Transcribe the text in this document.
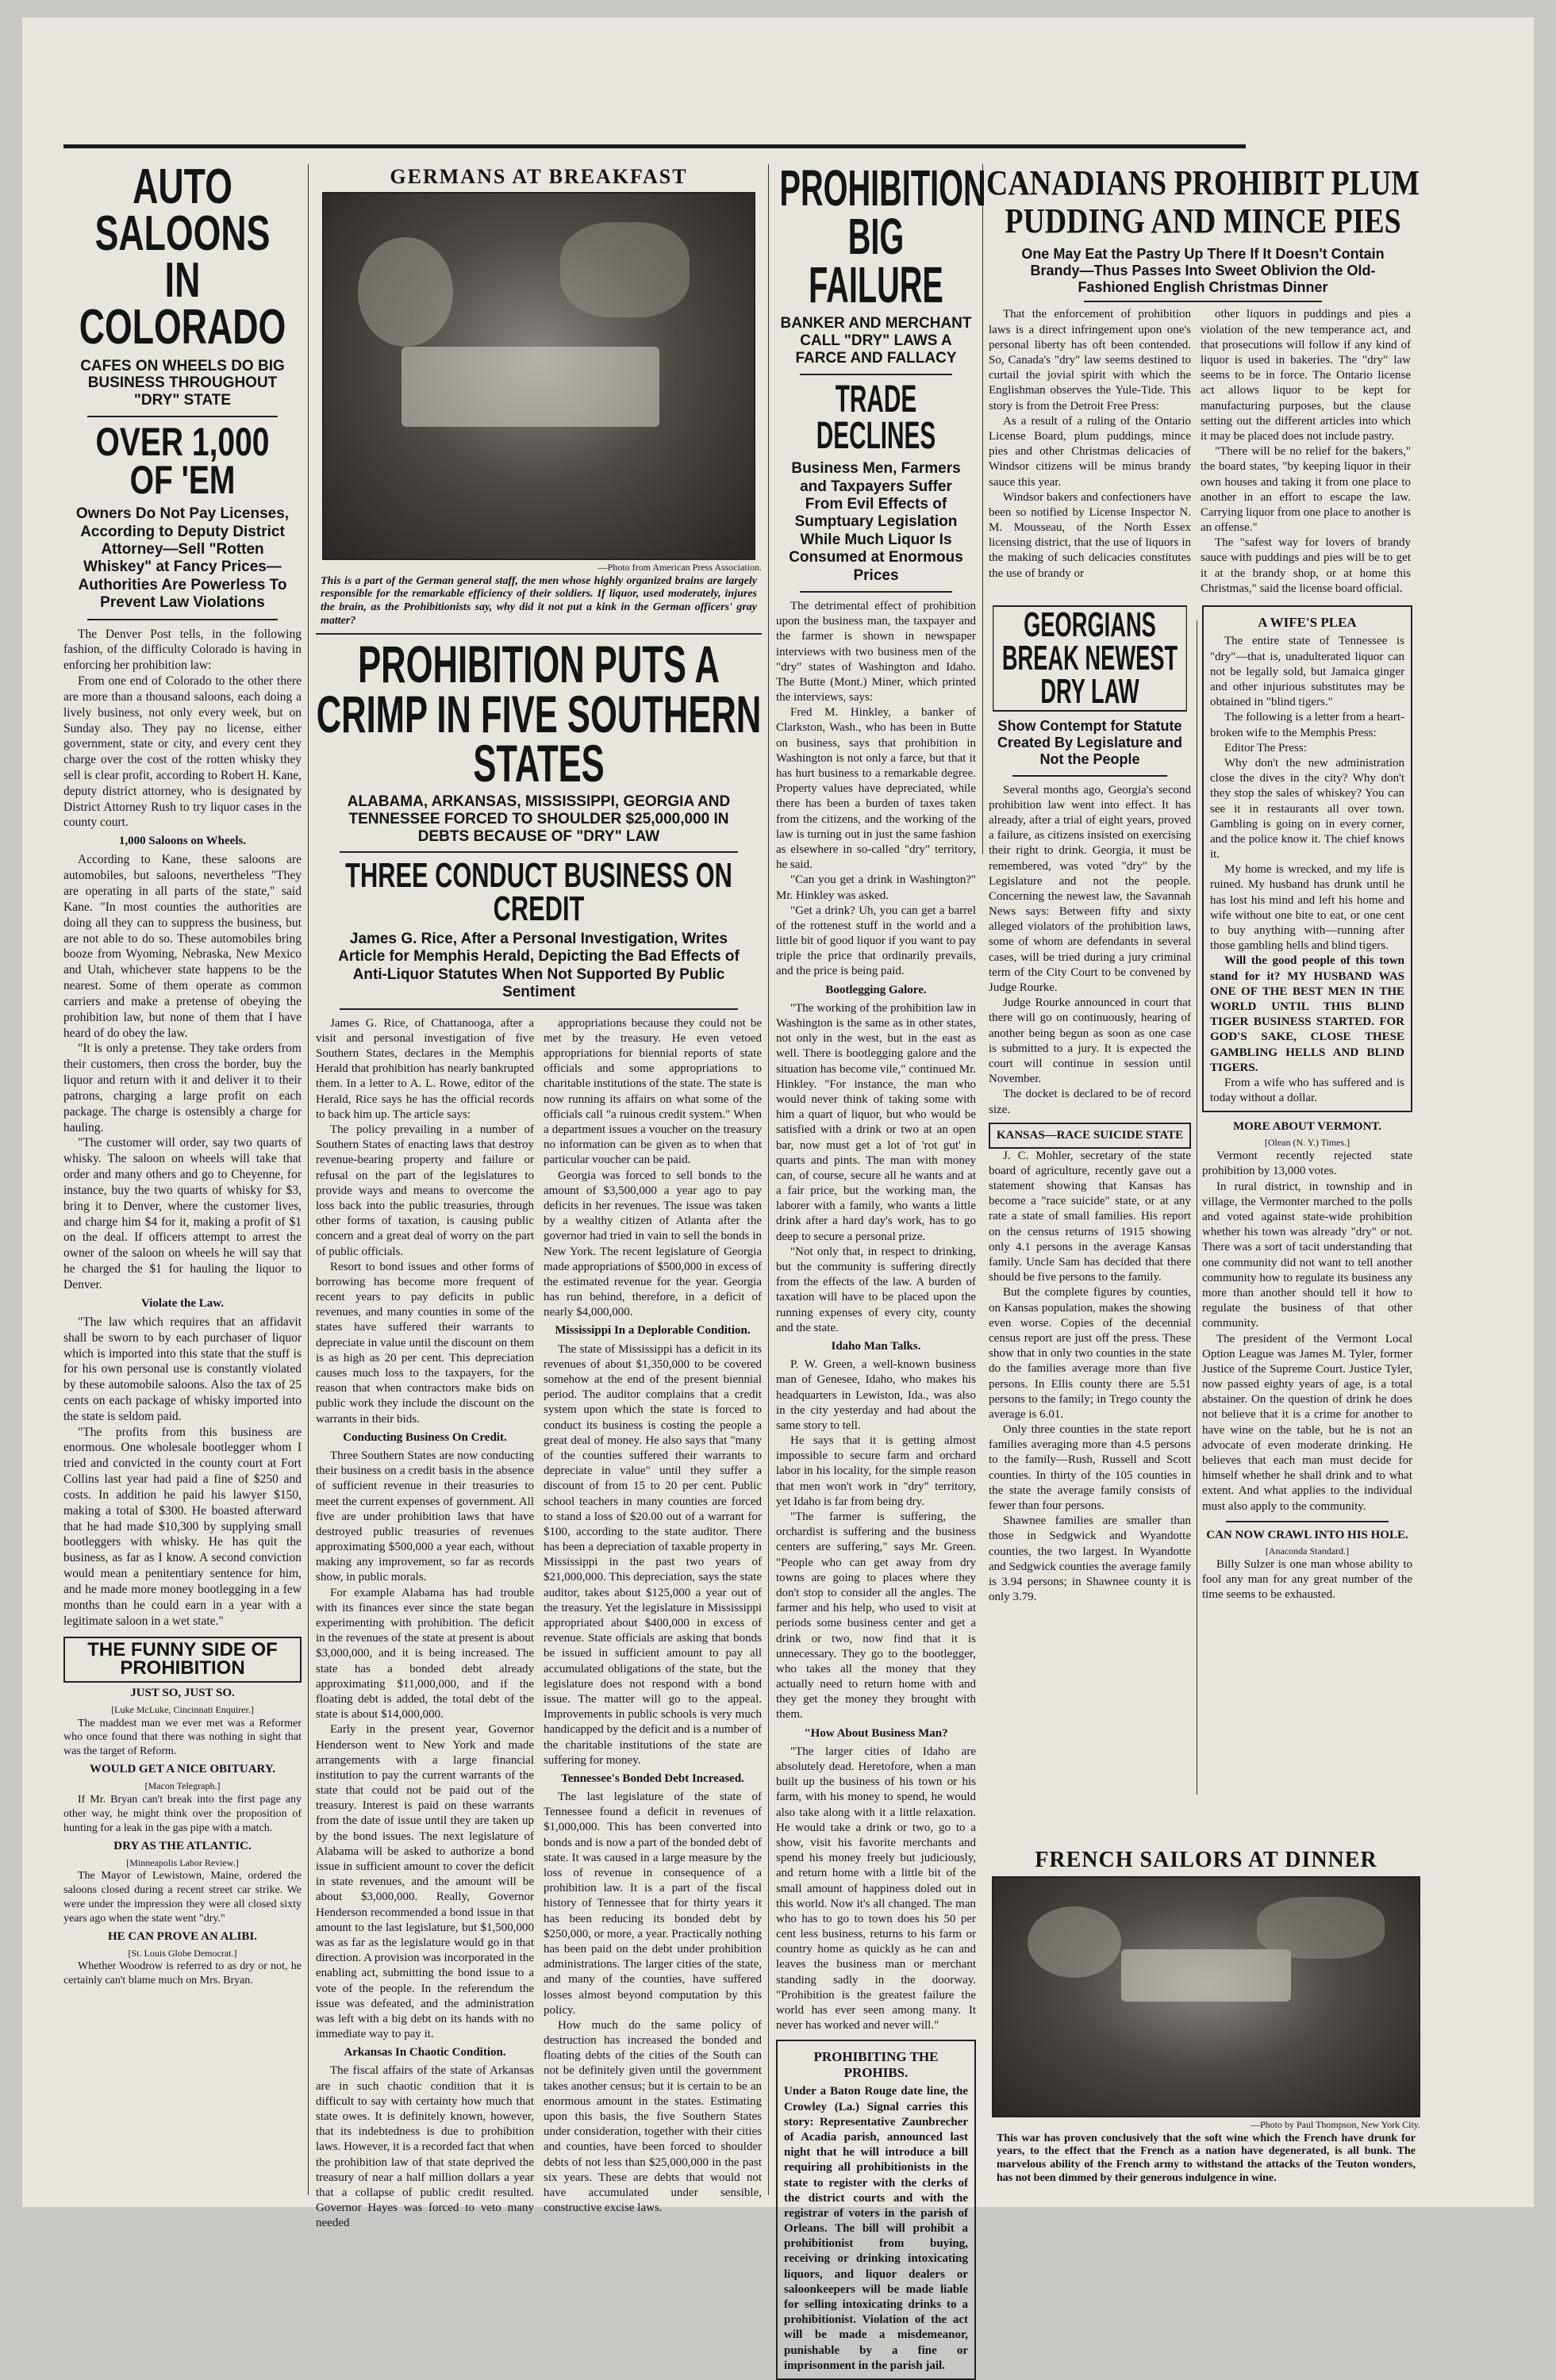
AUTO SALOONS IN COLORADO
CAFES ON WHEELS DO BIG BUSINESS THROUGHOUT "DRY" STATE
OVER 1,000 OF 'EM
Owners Do Not Pay Licenses, According to Deputy District Attorney—Sell "Rotten Whiskey" at Fancy Prices—Authorities Are Powerless To Prevent Law Violations

The Denver Post tells, in the following fashion, of the difficulty Colorado is having in enforcing her prohibition law:

From one end of Colorado to the other there are more than a thousand saloons, each doing a lively business, not only every week, but on Sunday also. They pay no license, either government, state or city, and every cent they charge over the cost of the rotten whisky they sell is clear profit, according to Robert H. Kane, deputy district attorney, who is designated by District Attorney Rush to try liquor cases in the county court.

1,000 Saloons on Wheels.

According to Kane, these saloons are automobiles, but saloons, nevertheless "They are operating in all parts of the state," said Kane. "In most counties the authorities are doing all they can to suppress the business, but are not able to do so. These automobiles bring booze from Wyoming, Nebraska, New Mexico and Utah, whichever state happens to be the nearest. Some of them operate as common carriers and make a pretense of obeying the prohibition law, but none of them that I have heard of do obey the law.

"It is only a pretense. They take orders from their customers, then cross the border, buy the liquor and return with it and deliver it to their patrons, charging a large profit on each package. The charge is ostensibly a charge for hauling.

"The customer will order, say two quarts of whisky. The saloon on wheels will take that order and many others and go to Cheyenne, for instance, buy the two quarts of whisky for $3, bring it to Denver, where the customer lives, and charge him $4 for it, making a profit of $1 on the deal. If officers attempt to arrest the owner of the saloon on wheels he will say that he charged the $1 for hauling the liquor to Denver.

Violate the Law.

"The law which requires that an affidavit shall be sworn to by each purchaser of liquor which is imported into this state that the stuff is for his own personal use is constantly violated by these automobile saloons. Also the tax of 25 cents on each package of whisky imported into the state is seldom paid.

"The profits from this business are enormous. One wholesale bootlegger whom I tried and convicted in the county court at Fort Collins last year had paid a fine of $250 and costs. In addition he paid his lawyer $150, making a total of $300. He boasted afterward that he had made $10,300 by supplying small bootleggers with whisky. He has quit the business, as far as I know. A second conviction would mean a penitentiary sentence for him, and he made more money bootlegging in a few months than he could earn in a year with a legitimate saloon in a wet state."

THE FUNNY SIDE OF PROHIBITION
JUST SO, JUST SO.
[Luke McLuke, Cincinnati Enquirer.]

The maddest man we ever met was a Reformer who once found that there was nothing in sight that was the target of Reform.

WOULD GET A NICE OBITUARY.
[Macon Telegraph.]

If Mr. Bryan can't break into the first page any other way, he might think over the proposition of hunting for a leak in the gas pipe with a match.

DRY AS THE ATLANTIC.
[Minneapolis Labor Review.]

The Mayor of Lewistown, Maine, ordered the saloons closed during a recent street car strike. We were under the impression they were all closed sixty years ago when the state went "dry."

HE CAN PROVE AN ALIBI.
[St. Louis Globe Democrat.]

Whether Woodrow is referred to as dry or not, he certainly can't blame much on Mrs. Bryan.

GERMANS AT BREAKFAST
—Photo from American Press Association.
This is a part of the German general staff, the men whose highly organized brains are largely responsible for the remarkable efficiency of their soldiers. If liquor, used moderately, injures the brain, as the Prohibitionists say, why did it not put a kink in the German officers' gray matter?
PROHIBITION PUTS A CRIMP IN FIVE SOUTHERN STATES
ALABAMA, ARKANSAS, MISSISSIPPI, GEORGIA AND TENNESSEE FORCED TO SHOULDER $25,000,000 IN DEBTS BECAUSE OF "DRY" LAW
THREE CONDUCT BUSINESS ON CREDIT
James G. Rice, After a Personal Investigation, Writes Article for Memphis Herald, Depicting the Bad Effects of Anti-Liquor Statutes When Not Supported By Public Sentiment

James G. Rice, of Chattanooga, after a visit and personal investigation of five Southern States, declares in the Memphis Herald that prohibition has nearly bankrupted them. In a letter to A. L. Rowe, editor of the Herald, Rice says he has the official records to back him up. The article says:

The policy prevailing in a number of Southern States of enacting laws that destroy revenue-bearing property and failure or refusal on the part of the legislatures to provide ways and means to overcome the loss back into the public treasuries, through other forms of taxation, is causing public concern and a great deal of worry on the part of public officials.

Resort to bond issues and other forms of borrowing has become more frequent of recent years to pay deficits in public revenues, and many counties in some of the states have suffered their warrants to depreciate in value until the discount on them is as high as 20 per cent. This depreciation causes much loss to the taxpayers, for the reason that when contractors make bids on public work they include the discount on the warrants in their bids.

Conducting Business On Credit.

Three Southern States are now conducting their business on a credit basis in the absence of sufficient revenue in their treasuries to meet the current expenses of government. All five are under prohibition laws that have destroyed public treasuries of revenues approximating $500,000 a year each, without making any improvement, so far as records show, in public morals.

For example Alabama has had trouble with its finances ever since the state began experimenting with prohibition. The deficit in the revenues of the state at present is about $3,000,000, and it is being increased. The state has a bonded debt already approximating $11,000,000, and if the floating debt is added, the total debt of the state is about $14,000,000.

Early in the present year, Governor Henderson went to New York and made arrangements with a large financial institution to pay the current warrants of the state that could not be paid out of the treasury. Interest is paid on these warrants from the date of issue until they are taken up by the bond issues. The next legislature of Alabama will be asked to authorize a bond issue in sufficient amount to cover the deficit in state revenues, and the amount will be about $3,000,000. Really, Governor Henderson recommended a bond issue in that amount to the last legislature, but $1,500,000 was as far as the legislature would go in that direction. A provision was incorporated in the enabling act, submitting the bond issue to a vote of the people. In the referendum the issue was defeated, and the administration was left with a big debt on its hands with no immediate way to pay it.

Arkansas In Chaotic Condition.

The fiscal affairs of the state of Arkansas are in such chaotic condition that it is difficult to say with certainty how much that state owes. It is definitely known, however, that its indebtedness is due to prohibition laws. However, it is a recorded fact that when the prohibition law of that state deprived the treasury of near a half million dollars a year that a collapse of public credit resulted. Governor Hayes was forced to veto many needed

appropriations because they could not be met by the treasury. He even vetoed appropriations for biennial reports of state officials and some appropriations to charitable institutions of the state. The state is now running its affairs on what some of the officials call "a ruinous credit system." When a department issues a voucher on the treasury no information can be given as to when that particular voucher can be paid.

Georgia was forced to sell bonds to the amount of $3,500,000 a year ago to pay deficits in her revenues. The issue was taken by a wealthy citizen of Atlanta after the governor had tried in vain to sell the bonds in New York. The recent legislature of Georgia made appropriations of $500,000 in excess of the estimated revenue for the year. Georgia has run behind, therefore, in a deficit of nearly $4,000,000.

Mississippi In a Deplorable Condition.

The state of Mississippi has a deficit in its revenues of about $1,350,000 to be covered somehow at the end of the present biennial period. The auditor complains that a credit system upon which the state is forced to conduct its business is costing the people a great deal of money. He also says that "many of the counties suffered their warrants to depreciate in value" until they suffer a discount of from 15 to 20 per cent. Public school teachers in many counties are forced to stand a loss of $20.00 out of a warrant for $100, according to the state auditor. There has been a depreciation of taxable property in Mississippi in the past two years of $21,000,000. This depreciation, says the state auditor, takes about $125,000 a year out of the treasury. Yet the legislature in Mississippi appropriated about $400,000 in excess of revenue. State officials are asking that bonds be issued in sufficient amount to pay all accumulated obligations of the state, but the legislature does not respond with a bond issue. The matter will go to the appeal. Improvements in public schools is very much handicapped by the deficit and is a number of the charitable institutions of the state are suffering for money.

Tennessee's Bonded Debt Increased.

The last legislature of the state of Tennessee found a deficit in revenues of $1,000,000. This has been converted into bonds and is now a part of the bonded debt of state. It was caused in a large measure by the loss of revenue in consequence of a prohibition law. It is a part of the fiscal history of Tennessee that for thirty years it has been reducing its bonded debt by $250,000, or more, a year. Practically nothing has been paid on the debt under prohibition administrations. The larger cities of the state, and many of the counties, have suffered losses almost beyond computation by this policy.

How much do the same policy of destruction has increased the bonded and floating debts of the cities of the South can not be definitely given until the government takes another census; but it is certain to be an enormous amount in the states. Estimating upon this basis, the five Southern States under consideration, together with their cities and counties, have been forced to shoulder debts of not less than $25,000,000 in the past six years. These are debts that would not have accumulated under sensible, constructive excise laws.

PROHIBITION BIG FAILURE
BANKER AND MERCHANT CALL "DRY" LAWS A FARCE AND FALLACY
TRADE DECLINES
Business Men, Farmers and Taxpayers Suffer From Evil Effects of Sumptuary Legislation While Much Liquor Is Consumed at Enormous Prices

The detrimental effect of prohibition upon the business man, the taxpayer and the farmer is shown in newspaper interviews with two business men of the "dry" states of Washington and Idaho. The Butte (Mont.) Miner, which printed the interviews, says:

Fred M. Hinkley, a banker of Clarkston, Wash., who has been in Butte on business, says that prohibition in Washington is not only a farce, but that it has hurt business to a remarkable degree. Property values have depreciated, while there has been a burden of taxes taken from the citizens, and the working of the law is turning out in just the same fashion as elsewhere in so-called "dry" territory, he said.

"Can you get a drink in Washington?" Mr. Hinkley was asked.

"Get a drink? Uh, you can get a barrel of the rottenest stuff in the world and a little bit of good liquor if you want to pay triple the price that ordinarily prevails, and the price is being paid.

Bootlegging Galore.

"The working of the prohibition law in Washington is the same as in other states, not only in the west, but in the east as well. There is bootlegging galore and the situation has become vile," continued Mr. Hinkley. "For instance, the man who would never think of taking some with him a quart of liquor, but who would be satisfied with a drink or two at an open bar, now must get a lot of 'rot gut' in quarts and pints. The man with money can, of course, secure all he wants and at a fair price, but the working man, the laborer with a family, who wants a little drink after a hard day's work, has to go deep to secure a personal prize.

"Not only that, in respect to drinking, but the community is suffering directly from the effects of the law. A burden of taxation will have to be placed upon the running expenses of every city, county and the state.

Idaho Man Talks.

P. W. Green, a well-known business man of Genesee, Idaho, who makes his headquarters in Lewiston, Ida., was also in the city yesterday and had about the same story to tell.

He says that it is getting almost impossible to secure farm and orchard labor in his locality, for the simple reason that men won't work in "dry" territory, yet Idaho is far from being dry.

"The farmer is suffering, the orchardist is suffering and the business centers are suffering," says Mr. Green. "People who can get away from dry towns are going to places where they don't stop to consider all the angles. The farmer and his help, who used to visit at periods some business center and get a drink or two, now find that it is unnecessary. They go to the bootlegger, who takes all the money that they actually need to return home with and they get the money they brought with them.

"How About Business Man?

"The larger cities of Idaho are absolutely dead. Heretofore, when a man built up the business of his town or his farm, with his money to spend, he would also take along with it a little relaxation. He would take a drink or two, go to a show, visit his favorite merchants and spend his money freely but judiciously, and return home with a little bit of the small amount of happiness doled out in this world. Now it's all changed. The man who has to go to town does his 50 per cent less business, returns to his farm or country home as quickly as he can and leaves the business man or merchant standing sadly in the doorway. "Prohibition is the greatest failure the world has ever seen among many. It never has worked and never will."

PROHIBITING THE PROHIBS.
Under a Baton Rouge date line, the Crowley (La.) Signal carries this story: Representative Zaunbrecher of Acadia parish, announced last night that he will introduce a bill requiring all prohibitionists in the state to register with the clerks of the district courts and with the registrar of voters in the parish of Orleans. The bill will prohibit a prohibitionist from buying, receiving or drinking intoxicating liquors, and liquor dealers or saloonkeepers will be made liable for selling intoxicating drinks to a prohibitionist. Violation of the act will be made a misdemeanor, punishable by a fine or imprisonment in the parish jail.
CANADIANS PROHIBIT PLUM PUDDING AND MINCE PIES
One May Eat the Pastry Up There If It Doesn't Contain Brandy—Thus Passes Into Sweet Oblivion the Old-Fashioned English Christmas Dinner

That the enforcement of prohibition laws is a direct infringement upon one's personal liberty has oft been contended. So, Canada's "dry" law seems destined to curtail the jovial spirit with which the Englishman observes the Yule-Tide. This story is from the Detroit Free Press:

As a result of a ruling of the Ontario License Board, plum puddings, mince pies and other Christmas delicacies of Windsor citizens will be minus brandy sauce this year.

Windsor bakers and confectioners have been so notified by License Inspector N. M. Mousseau, of the North Essex licensing district, that the use of liquors in the making of such delicacies constitutes the use of brandy or

other liquors in puddings and pies a violation of the new temperance act, and that prosecutions will follow if any kind of liquor is used in bakeries. The "dry" law seems to be in force. The Ontario license act allows liquor to be kept for manufacturing purposes, but the clause setting out the different articles into which it may be placed does not include pastry.

"There will be no relief for the bakers," the board states, "by keeping liquor in their own houses and taking it from one place to another in an effort to escape the law. Carrying liquor from one place to another is an offense."

The "safest way for lovers of brandy sauce with puddings and pies will be to get it at the brandy shop, or at home this Christmas," said the license board official.

GEORGIANS BREAK NEWEST DRY LAW
Show Contempt for Statute Created By Legislature and Not the People

Several months ago, Georgia's second prohibition law went into effect. It has already, after a trial of eight years, proved a failure, as citizens insisted on exercising their right to drink. Georgia, it must be remembered, was voted "dry" by the Legislature and not the people. Concerning the newest law, the Savannah News says: Between fifty and sixty alleged violators of the prohibition laws, some of whom are defendants in several cases, will be tried during a jury criminal term of the City Court to be convened by Judge Rourke.

Judge Rourke announced in court that there will go on continuously, hearing of another being begun as soon as one case is submitted to a jury. It is expected the court will continue in session until November.

The docket is declared to be of record size.

KANSAS—RACE SUICIDE STATE

J. C. Mohler, secretary of the state board of agriculture, recently gave out a statement showing that Kansas has become a "race suicide" state, or at any rate a state of small families. His report on the census returns of 1915 showing only 4.1 persons in the average Kansas family. Uncle Sam has decided that there should be five persons to the family.

But the complete figures by counties, on Kansas population, makes the showing even worse. Copies of the decennial census report are just off the press. These show that in only two counties in the state do the families average more than five persons. In Ellis county there are 5.51 persons to the family; in Trego county the average is 6.01.

Only three counties in the state report families averaging more than 4.5 persons to the family—Rush, Russell and Scott counties. In thirty of the 105 counties in the state the average family consists of fewer than four persons.

Shawnee families are smaller than those in Sedgwick and Wyandotte counties, the two largest. In Wyandotte and Sedgwick counties the average family is 3.94 persons; in Shawnee county it is only 3.79.

A WIFE'S PLEA

The entire state of Tennessee is "dry"—that is, unadulterated liquor can not be legally sold, but Jamaica ginger and other injurious substitutes may be obtained in "blind tigers."

The following is a letter from a heart-broken wife to the Memphis Press:

Editor The Press:

Why don't the new administration close the dives in the city? Why don't they stop the sales of whiskey? You can see it in restaurants all over town. Gambling is going on in every corner, and the police know it. The chief knows it.

My home is wrecked, and my life is ruined. My husband has drunk until he has lost his mind and left his home and wife without one bite to eat, or one cent to buy anything with—running after those gambling hells and blind tigers.

Will the good people of this town stand for it? MY HUSBAND WAS ONE OF THE BEST MEN IN THE WORLD UNTIL THIS BLIND TIGER BUSINESS STARTED. FOR GOD'S SAKE, CLOSE THESE GAMBLING HELLS AND BLIND TIGERS.

From a wife who has suffered and is today without a dollar.

MORE ABOUT VERMONT.
[Olean (N. Y.) Times.]

Vermont recently rejected state prohibition by 13,000 votes.

In rural district, in township and in village, the Vermonter marched to the polls and voted against state-wide prohibition whether his town was already "dry" or not. There was a sort of tacit understanding that one community did not want to tell another community how to regulate its business any more than another should tell it how to regulate the business of that other community.

The president of the Vermont Local Option League was James M. Tyler, former Justice of the Supreme Court. Justice Tyler, now passed eighty years of age, is a total abstainer. On the question of drink he does not believe that it is a crime for another to have wine on the table, but he is not an advocate of even moderate drinking. He believes that each man must decide for himself whether he shall drink and to what extent. And what applies to the individual must also apply to the community.

CAN NOW CRAWL INTO HIS HOLE.
[Anaconda Standard.]

Billy Sulzer is one man whose ability to fool any man for any great number of the time seems to be exhausted.

FRENCH SAILORS AT DINNER
—Photo by Paul Thompson, New York City.
This war has proven conclusively that the soft wine which the French have drunk for years, to the effect that the French as a nation have degenerated, is all bunk. The marvelous ability of the French army to withstand the attacks of the Teuton wonders, has not been dimmed by their generous indulgence in wine.
